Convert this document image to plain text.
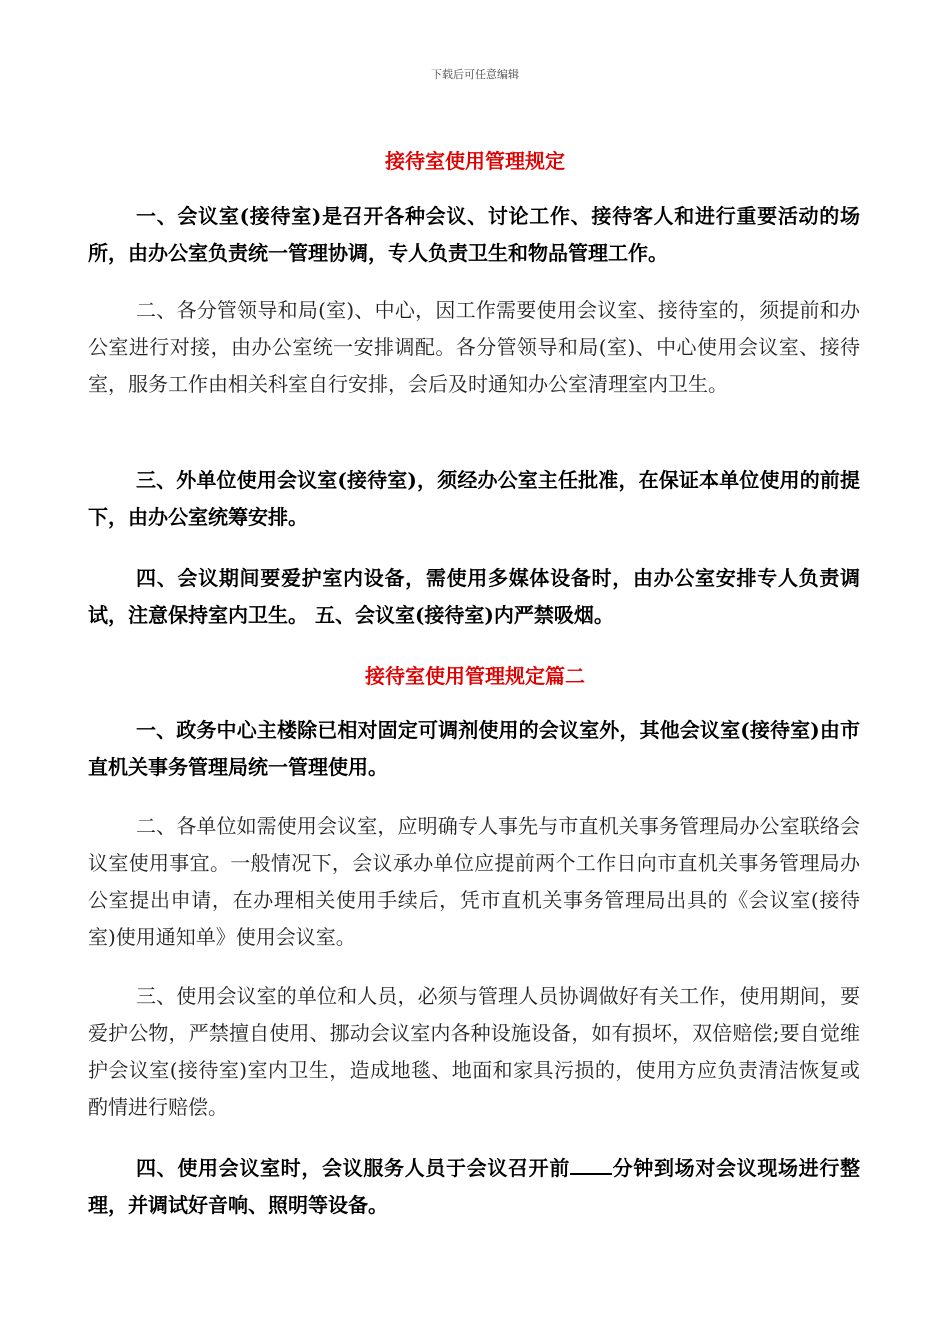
下载后可任意编辑
接待室使用管理规定

一、会议室(接待室)是召开各种会议、讨论工作、接待客人和进行重要活动的场所，由办公室负责统一管理协调，专人负责卫生和物品管理工作。

二、各分管领导和局(室)、中心，因工作需要使用会议室、接待室的，须提前和办公室进行对接，由办公室统一安排调配。各分管领导和局(室)、中心使用会议室、接待室，服务工作由相关科室自行安排，会后及时通知办公室清理室内卫生。

三、外单位使用会议室(接待室)，须经办公室主任批准，在保证本单位使用的前提下，由办公室统筹安排。

四、会议期间要爱护室内设备，需使用多媒体设备时，由办公室安排专人负责调试，注意保持室内卫生。 五、会议室(接待室)内严禁吸烟。

接待室使用管理规定篇二

一、政务中心主楼除已相对固定可调剂使用的会议室外，其他会议室(接待室)由市直机关事务管理局统一管理使用。

二、各单位如需使用会议室，应明确专人事先与市直机关事务管理局办公室联络会议室使用事宜。一般情况下，会议承办单位应提前两个工作日向市直机关事务管理局办公室提出申请，在办理相关使用手续后，凭市直机关事务管理局出具的《会议室(接待室)使用通知单》使用会议室。

三、使用会议室的单位和人员，必须与管理人员协调做好有关工作，使用期间，要爱护公物，严禁擅自使用、挪动会议室内各种设施设备，如有损坏，双倍赔偿;要自觉维护会议室(接待室)室内卫生，造成地毯、地面和家具污损的，使用方应负责清洁恢复或酌情进行赔偿。

四、使用会议室时，会议服务人员于会议召开前 分钟到场对会议现场进行整理，并调试好音响、照明等设备。
